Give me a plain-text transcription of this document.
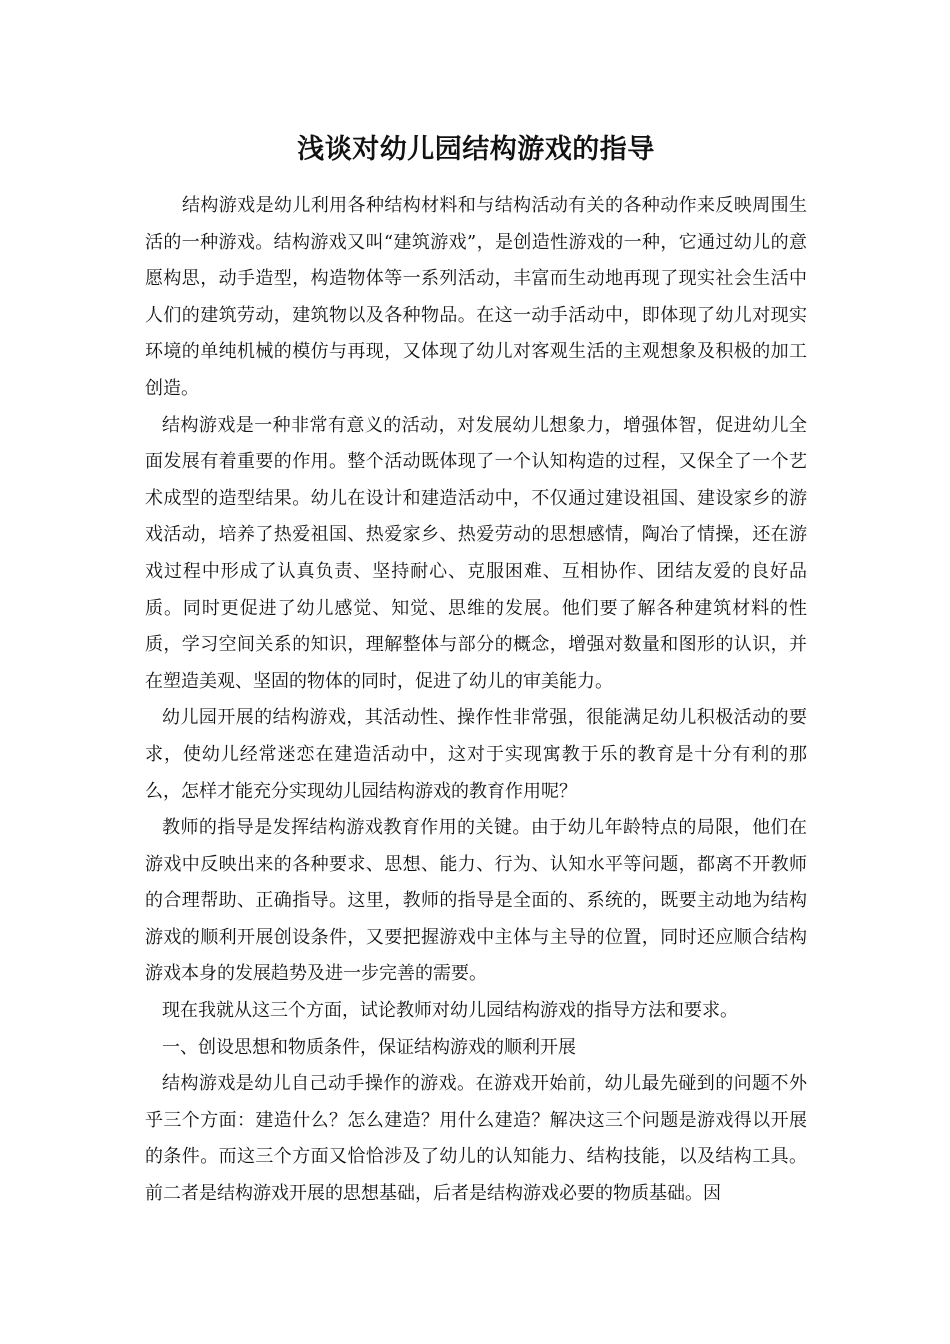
浅谈对幼儿园结构游戏的指导

结构游戏是幼儿利用各种结构材料和与结构活动有关的各种动作来反映周围生活的一种游戏。结构游戏又叫“建筑游戏”，是创造性游戏的一种，它通过幼儿的意愿构思，动手造型，构造物体等一系列活动，丰富而生动地再现了现实社会生活中人们的建筑劳动，建筑物以及各种物品。在这一动手活动中，即体现了幼儿对现实环境的单纯机械的模仿与再现，又体现了幼儿对客观生活的主观想象及积极的加工创造。

结构游戏是一种非常有意义的活动，对发展幼儿想象力，增强体智，促进幼儿全面发展有着重要的作用。整个活动既体现了一个认知构造的过程，又保全了一个艺术成型的造型结果。幼儿在设计和建造活动中，不仅通过建设祖国、建设家乡的游戏活动，培养了热爱祖国、热爱家乡、热爱劳动的思想感情，陶冶了情操，还在游戏过程中形成了认真负责、坚持耐心、克服困难、互相协作、团结友爱的良好品质。同时更促进了幼儿感觉、知觉、思维的发展。他们要了解各种建筑材料的性质，学习空间关系的知识，理解整体与部分的概念，增强对数量和图形的认识，并在塑造美观、坚固的物体的同时，促进了幼儿的审美能力。

幼儿园开展的结构游戏，其活动性、操作性非常强，很能满足幼儿积极活动的要求，使幼儿经常迷恋在建造活动中，这对于实现寓教于乐的教育是十分有利的那么，怎样才能充分实现幼儿园结构游戏的教育作用呢？

教师的指导是发挥结构游戏教育作用的关键。由于幼儿年龄特点的局限，他们在游戏中反映出来的各种要求、思想、能力、行为、认知水平等问题，都离不开教师的合理帮助、正确指导。这里，教师的指导是全面的、系统的，既要主动地为结构游戏的顺利开展创设条件，又要把握游戏中主体与主导的位置，同时还应顺合结构游戏本身的发展趋势及进一步完善的需要。

现在我就从这三个方面，试论教师对幼儿园结构游戏的指导方法和要求。

一、创设思想和物质条件，保证结构游戏的顺利开展

结构游戏是幼儿自己动手操作的游戏。在游戏开始前，幼儿最先碰到的问题不外乎三个方面：建造什么？怎么建造？用什么建造？解决这三个问题是游戏得以开展的条件。而这三个方面又恰恰涉及了幼儿的认知能力、结构技能，以及结构工具。前二者是结构游戏开展的思想基础，后者是结构游戏必要的物质基础。因
